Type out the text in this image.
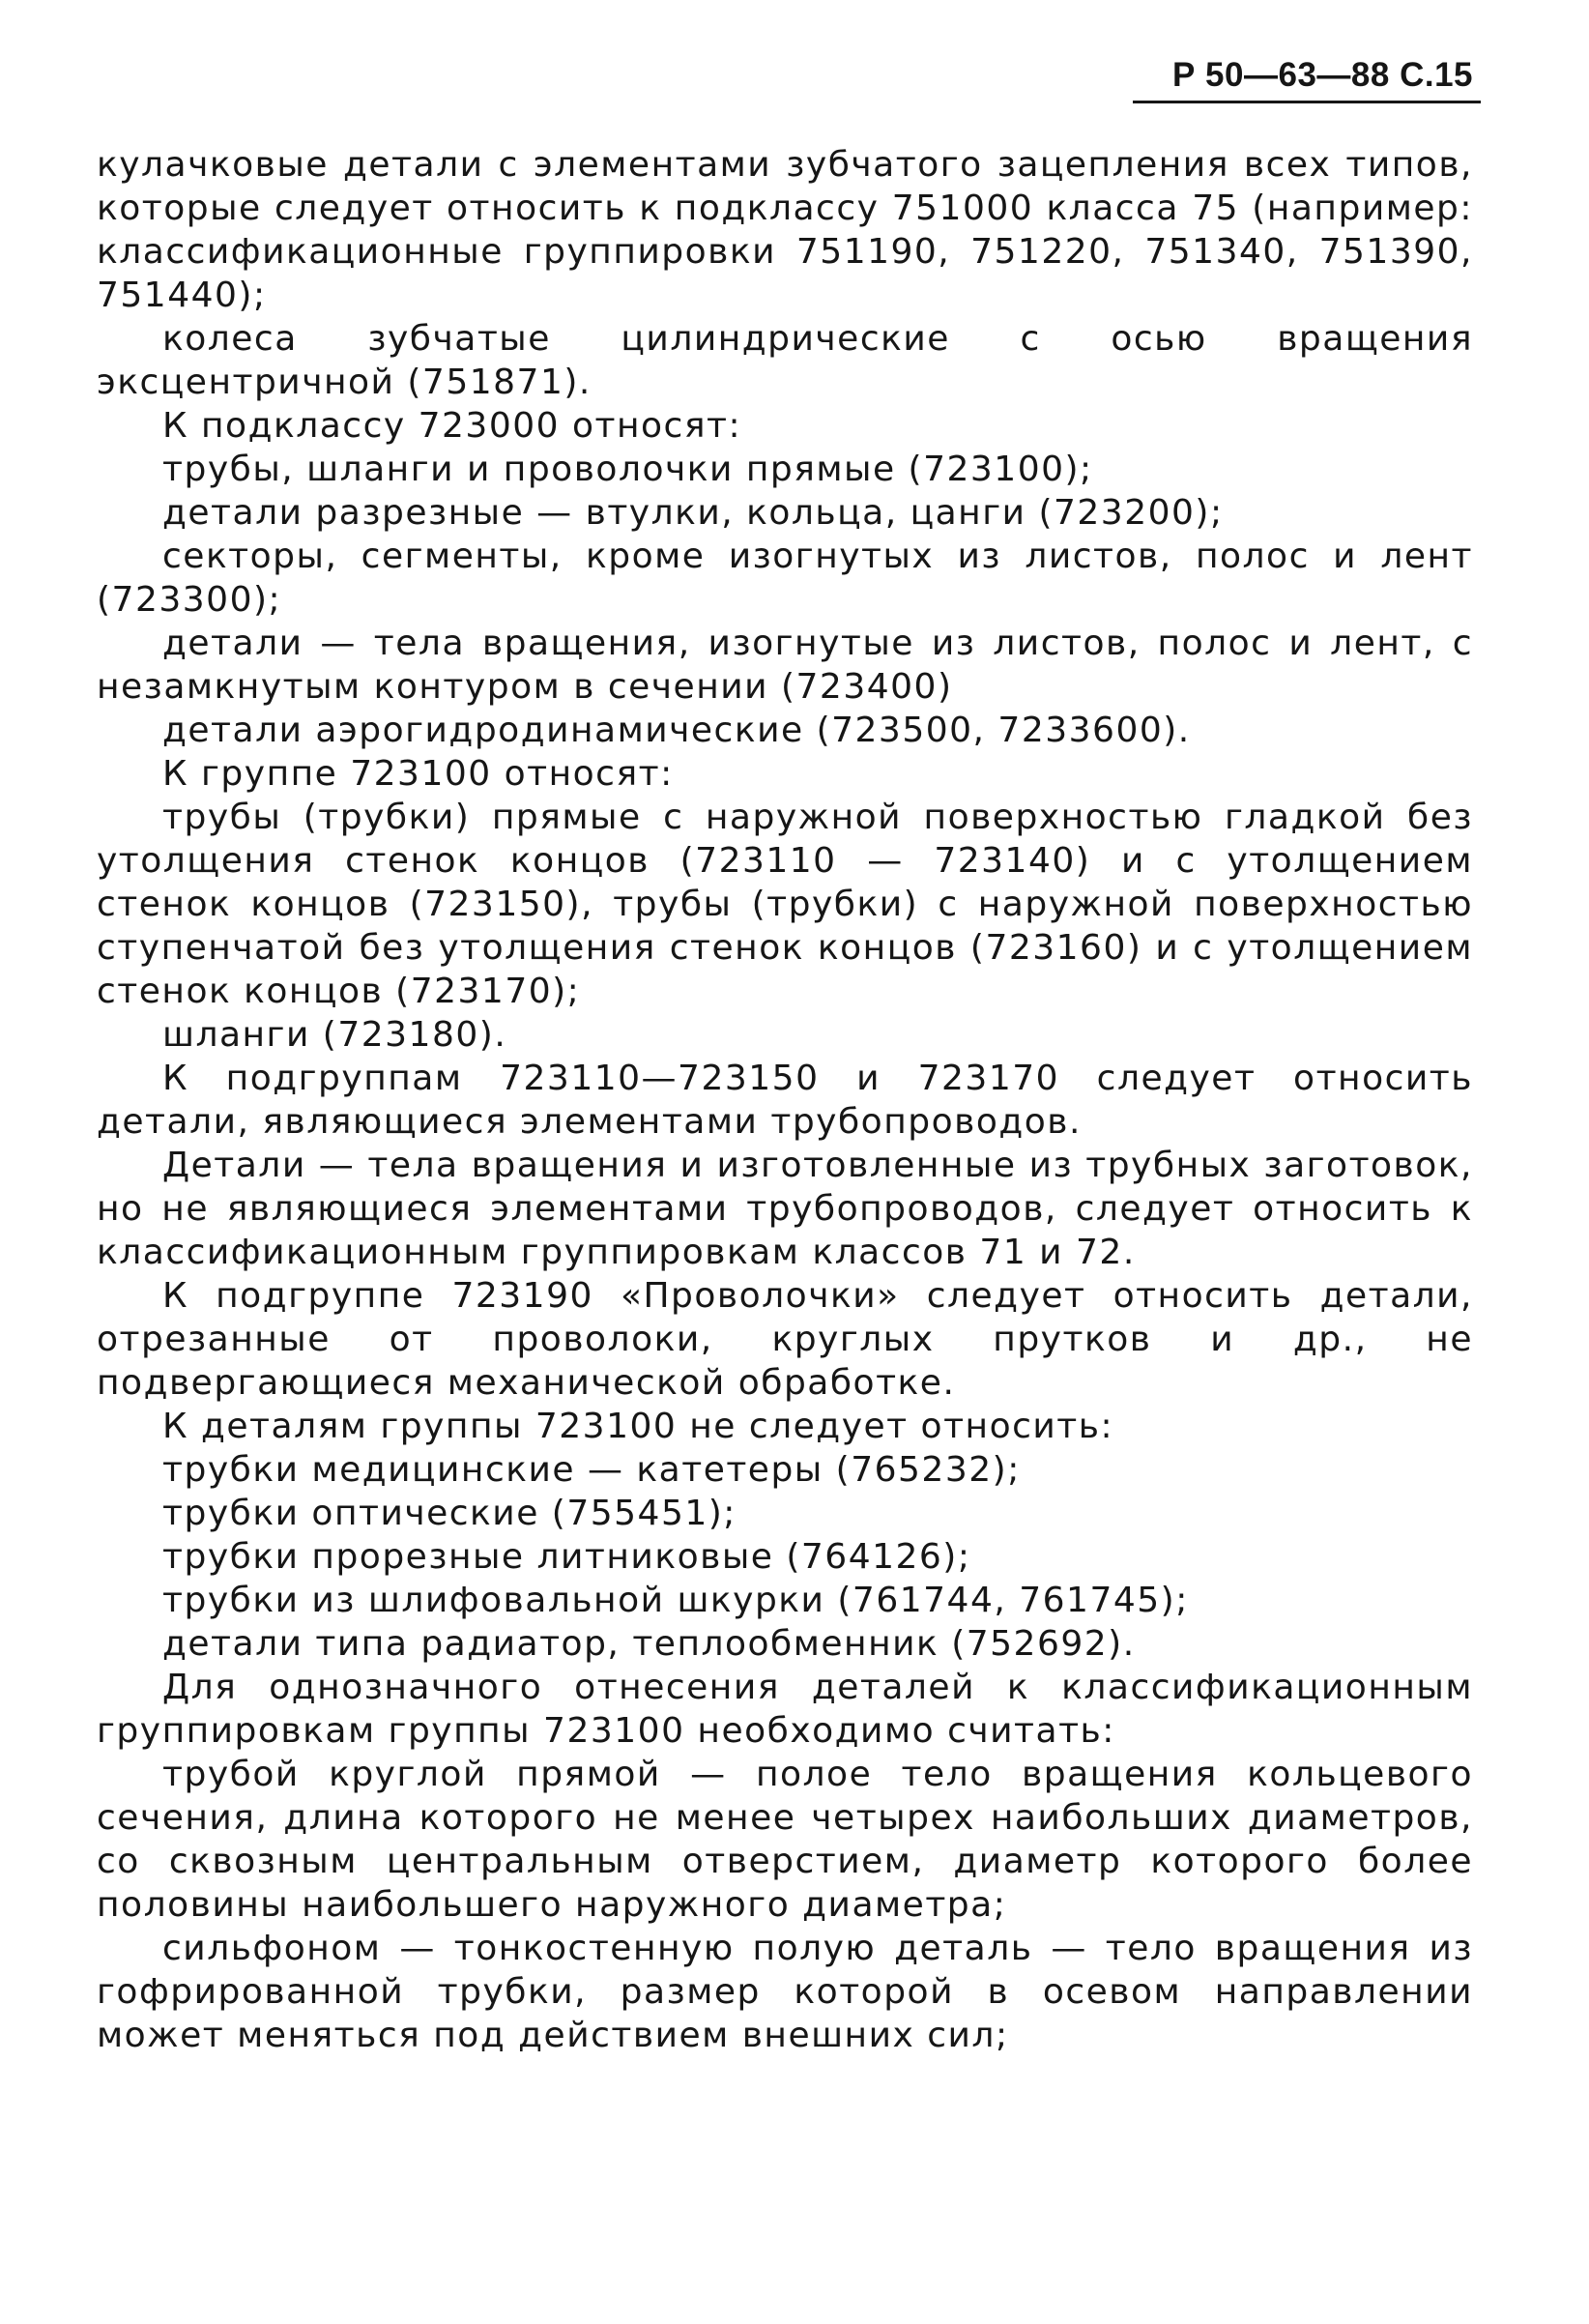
Р 50—63—88 С.15

кулачковые детали с элементами зубчатого зацепления всех типов, которые следует относить к подклассу 751000 класса 75 (например: классификационные группировки 751190, 751220, 751340, 751390, 751440);

колеса зубчатые цилиндрические с осью вращения эксцентричной (751871).

К подклассу 723000 относят:

трубы, шланги и проволочки прямые (723100);

детали разрезные — втулки, кольца, цанги (723200);

секторы, сегменты, кроме изогнутых из листов, полос и лент (723300);

детали — тела вращения, изогнутые из листов, полос и лент, с незамкнутым контуром в сечении (723400)

детали аэрогидродинамические (723500, 7233600).

К группе 723100 относят:

трубы (трубки) прямые с наружной поверхностью гладкой без утолщения стенок концов (723110 — 723140) и с утолщением стенок концов (723150), трубы (трубки) с наружной поверхностью ступенчатой без утолщения стенок концов (723160) и с утолщением стенок концов (723170);

шланги (723180).

К подгруппам 723110—723150 и 723170 следует относить детали, являющиеся элементами трубопроводов.

Детали — тела вращения и изготовленные из трубных заготовок, но не являющиеся элементами трубопроводов, следует относить к классификационным группировкам классов 71 и 72.

К подгруппе 723190 «Проволочки» следует относить детали, отрезанные от проволоки, круглых прутков и др., не подвергающиеся механической обработке.

К деталям группы 723100 не следует относить:

трубки медицинские — катетеры (765232);

трубки оптические (755451);

трубки прорезные литниковые (764126);

трубки из шлифовальной шкурки (761744, 761745);

детали типа радиатор, теплообменник (752692).

Для однозначного отнесения деталей к классификационным группировкам группы 723100 необходимо считать:

трубой круглой прямой — полое тело вращения кольцевого сечения, длина которого не менее четырех наибольших диаметров, со сквозным центральным отверстием, диаметр которого более половины наибольшего наружного диаметра;

сильфоном — тонкостенную полую деталь — тело вращения из гофрированной трубки, размер которой в осевом направлении может меняться под действием внешних сил;
